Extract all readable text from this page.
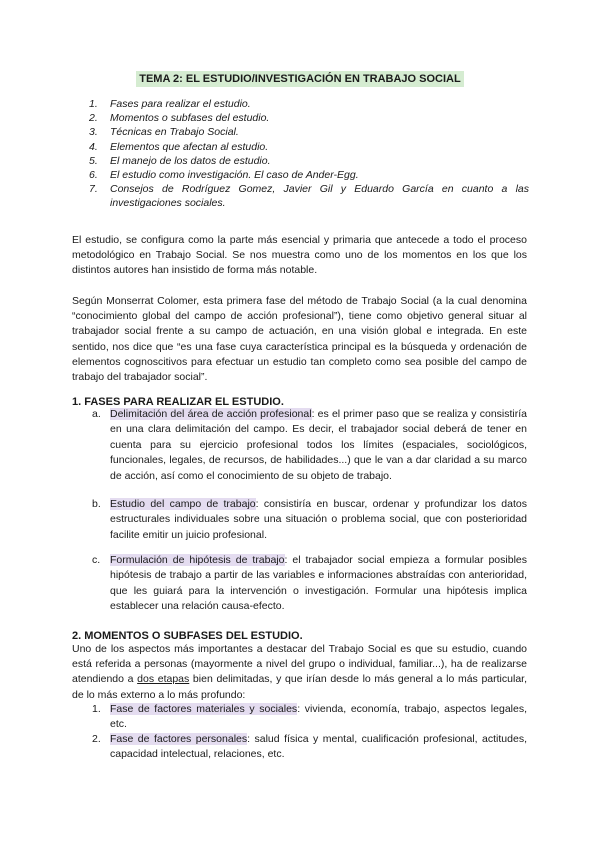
TEMA 2: EL ESTUDIO/INVESTIGACIÓN EN TRABAJO SOCIAL
1. Fases para realizar el estudio.
2. Momentos o subfases del estudio.
3. Técnicas en Trabajo Social.
4. Elementos que afectan al estudio.
5. El manejo de los datos de estudio.
6. El estudio como investigación. El caso de Ander-Egg.
7. Consejos de Rodríguez Gomez, Javier Gil y Eduardo García en cuanto a las investigaciones sociales.

El estudio, se configura como la parte más esencial y primaria que antecede a todo el proceso metodológico en Trabajo Social. Se nos muestra como uno de los momentos en los que los distintos autores han insistido de forma más notable.

Según Monserrat Colomer, esta primera fase del método de Trabajo Social (a la cual denomina “conocimiento global del campo de acción profesional”), tiene como objetivo general situar al trabajador social frente a su campo de actuación, en una visión global e integrada. En este sentido, nos dice que “es una fase cuya característica principal es la búsqueda y ordenación de elementos cognoscitivos para efectuar un estudio tan completo como sea posible del campo de trabajo del trabajador social”.

1. FASES PARA REALIZAR EL ESTUDIO.
a. Delimitación del área de acción profesional: es el primer paso que se realiza y consistiría en una clara delimitación del campo. Es decir, el trabajador social deberá de tener en cuenta para su ejercicio profesional todos los límites (espaciales, sociológicos, funcionales, legales, de recursos, de habilidades...) que le van a dar claridad a su marco de acción, así como el conocimiento de su objeto de trabajo.
b. Estudio del campo de trabajo: consistiría en buscar, ordenar y profundizar los datos estructurales individuales sobre una situación o problema social, que con posterioridad facilite emitir un juicio profesional.
c. Formulación de hipótesis de trabajo: el trabajador social empieza a formular posibles hipótesis de trabajo a partir de las variables e informaciones abstraídas con anterioridad, que les guiará para la intervención o investigación. Formular una hipótesis implica establecer una relación causa-efecto.
2. MOMENTOS O SUBFASES DEL ESTUDIO.

Uno de los aspectos más importantes a destacar del Trabajo Social es que su estudio, cuando está referida a personas (mayormente a nivel del grupo o individual, familiar...), ha de realizarse atendiendo a dos etapas bien delimitadas, y que irían desde lo más general a lo más particular, de lo más externo a lo más profundo:

1. Fase de factores materiales y sociales: vivienda, economía, trabajo, aspectos legales, etc.
2. Fase de factores personales: salud física y mental, cualificación profesional, actitudes, capacidad intelectual, relaciones, etc.
